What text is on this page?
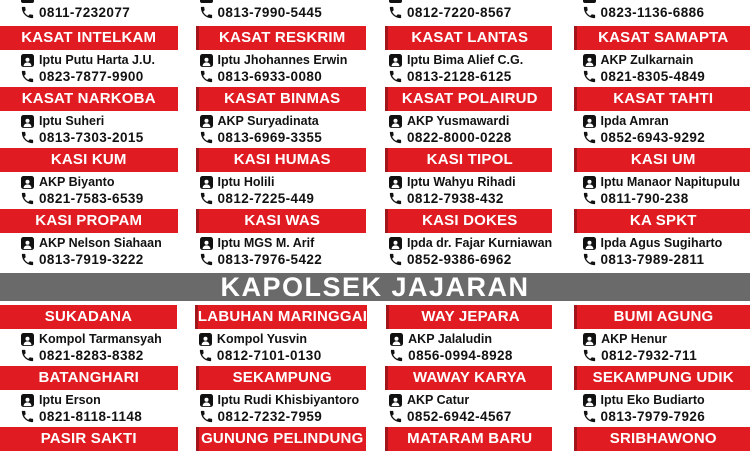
0811-7232077	0813-7990-5445	0812-7220-8567	0823-1136-6886
KASAT INTELKAM
Iptu Putu Harta J.U.
0823-7877-9900
KASAT RESKRIM
Iptu Jhohannes Erwin
0813-6933-0080
KASAT LANTAS
Iptu Bima Alief C.G.
0813-2128-6125
KASAT SAMAPTA
AKP Zulkarnain
0821-8305-4849
KASAT NARKOBA
Iptu Suheri
0813-7303-2015
KASAT BINMAS
AKP Suryadinata
0813-6969-3355
KASAT POLAIRUD
AKP Yusmawardi
0822-8000-0228
KASAT TAHTI
Ipda Amran
0852-6943-9292
KASI KUM
AKP Biyanto
0821-7583-6539
KASI HUMAS
Iptu Holili
0812-7225-449
KASI TIPOL
Iptu Wahyu Rihadi
0812-7938-432
KASI UM
Iptu Manaor Napitupulu
0811-790-238
KASI PROPAM
AKP Nelson Siahaan
0813-7919-3222
KASI WAS
Iptu MGS M. Arif
0813-7976-5422
KASI DOKES
Ipda dr. Fajar Kurniawan
0852-9386-6962
KA SPKT
Ipda Agus Sugiharto
0813-7989-2811
KAPOLSEK JAJARAN
SUKADANA
Kompol Tarmansyah
0821-8283-8382
LABUHAN MARINGGAI
Kompol Yusvin
0812-7101-0130
WAY JEPARA
AKP Jalaludin
0856-0994-8928
BUMI AGUNG
AKP Henur
0812-7932-711
BATANGHARI
Iptu Erson
0821-8118-1148
SEKAMPUNG
Iptu Rudi Khisbiyantoro
0812-7232-7959
WAWAY KARYA
AKP Catur
0852-6942-4567
SEKAMPUNG UDIK
Iptu Eko Budiarto
0813-7979-7926
PASIR SAKTI	GUNUNG PELINDUNG	MATARAM BARU	SRIBHAWONO
